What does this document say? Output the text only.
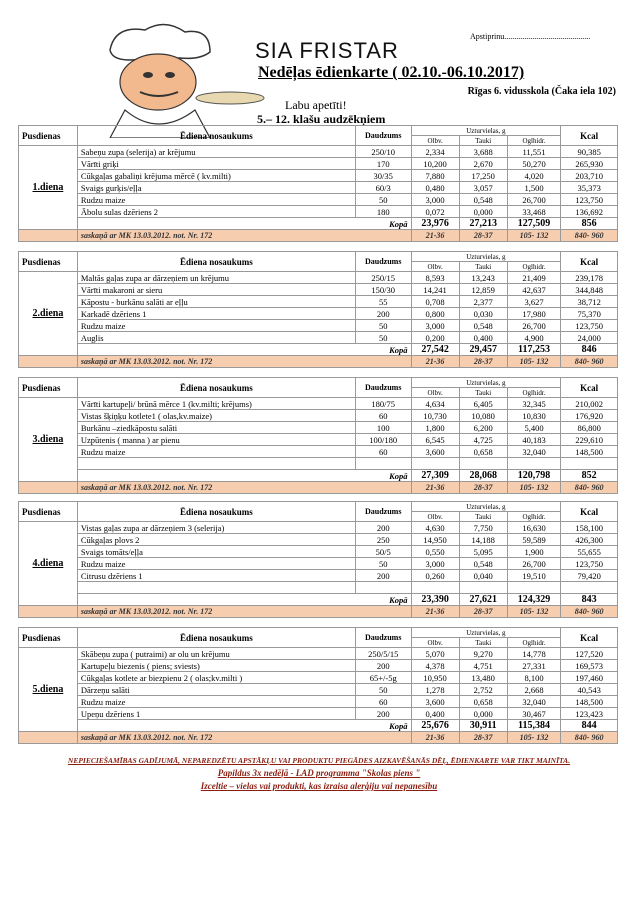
Apstiprinu...........................................
SIA FRISTAR
Nedēļas ēdienkarte ( 02.10.-06.10.2017)
Rīgas 6. vidusskola (Čaka iela 102)
Labu apetīti!
5.– 12. klašu audzēkņiem
Pusdienas	Ēdiena nosaukums	Daudzums	Uzturvielas, g			Kcal
			Olbv.	Tauki	Oglhidr.	
1.diena	Sabeņu zupa (selerija) ar krējumu	250/10	2,334	3,688	11,551	90,385
	Vārīti griķi	170	10,200	2,670	50,270	265,930
	Cūkgaļas gabaliņi krējuma mērcē ( kv.milti)	30/35	7,880	17,250	4,020	203,710
	Svaigs gurķis/eļļa	60/3	0,480	3,057	1,500	35,373
	Rudzu maize	50	3,000	0,548	26,700	123,750
	Ābolu sulas dzēriens 2	180	0,072	0,000	33,468	136,692
	Kopā		23,976	27,213	127,509	856
	saskaņā ar MK 13.03.2012. not. Nr. 172		21-36	28-37	105- 132	840- 960
Pusdienas	Ēdiena nosaukums	Daudzums	Uzturvielas, g			Kcal
			Olbv.	Tauki	Oglhidr.	
2.diena	Maltās gaļas zupa ar dārzeņiem un krējumu	250/15	8,593	13,243	21,409	239,178
	Vārīti makaroni ar sieru	150/30	14,241	12,859	42,637	344,848
	Kāpostu - burkānu salāti ar eļļu	55	0,708	2,377	3,627	38,712
	Karkadē dzēriens 1	200	0,800	0,030	17,980	75,370
	Rudzu maize	50	3,000	0,548	26,700	123,750
	Auglis	50	0,200	0,400	4,900	24,000
	Kopā		27,542	29,457	117,253	846
	saskaņā ar MK 13.03.2012. not. Nr. 172		21-36	28-37	105- 132	840- 960
Pusdienas	Ēdiena nosaukums	Daudzums	Uzturvielas, g			Kcal
			Olbv.	Tauki	Oglhidr.	
3.diena	Vārīti kartupeļi/ brūnā mērce 1 (kv.milti; krējums)	180/75	4,634	6,405	32,345	210,002
	Vistas šķiņķu kotlete1 ( olas,kv.maize)	60	10,730	10,080	10,830	176,920
	Burkānu –ziedkāpostu salāti	100	1,800	6,200	5,400	86,800
	Uzpūtenis ( manna ) ar pienu	100/180	6,545	4,725	40,183	229,610
	Rudzu maize	60	3,600	0,658	32,040	148,500

	Kopā		27,309	28,068	120,798	852
	saskaņā ar MK 13.03.2012. not. Nr. 172		21-36	28-37	105- 132	840- 960
Pusdienas	Ēdiena nosaukums	Daudzums	Uzturvielas, g			Kcal
			Olbv.	Tauki	Oglhidr.	
4.diena	Vistas gaļas zupa ar dārzeņiem 3 (selerija)	200	4,630	7,750	16,630	158,100
	Cūkgaļas plovs 2	250	14,950	14,188	59,589	426,300
	Svaigs tomāts/eļļa	50/5	0,550	5,095	1,900	55,655
	Rudzu maize	50	3,000	0,548	26,700	123,750
	Citrusu dzēriens 1	200	0,260	0,040	19,510	79,420

	Kopā		23,390	27,621	124,329	843
	saskaņā ar MK 13.03.2012. not. Nr. 172		21-36	28-37	105- 132	840- 960
Pusdienas	Ēdiena nosaukums	Daudzums	Uzturvielas, g			Kcal
			Olbv.	Tauki	Oglhidr.	
5.diena	Skābeņu zupa ( putraimi) ar olu un krējumu	250/5/15	5,070	9,270	14,778	127,520
	Kartupeļu biezenis ( piens; sviests)	200	4,378	4,751	27,331	169,573
	Cūkgaļas kotlete ar biezpienu 2 ( olas;kv.milti )	65+/-5g	10,950	13,480	8,100	197,460
	Dārzeņu salāti	50	1,278	2,752	2,668	40,543
	Rudzu maize	60	3,600	0,658	32,040	148,500
	Upeņu dzēriens 1	200	0,400	0,000	30,467	123,423
	Kopā		25,676	30,911	115,384	844
	saskaņā ar MK 13.03.2012. not. Nr. 172		21-36	28-37	105- 132	840- 960
NEPIECIEŠAMĪBAS GADĪJUMĀ, NEPAREDZĒTU APSTĀKĻU VAI PRODUKTU PIEGĀDES AIZKAVĒŠANĀS DĒĻ, ĒDIENKARTE VAR TIKT MAINĪTA.
Papildus 3x nedēļā - LAD programma "Skolas piens "
Izceltie – vielas vai produkti, kas izraisa alerģiju vai nepanesību
